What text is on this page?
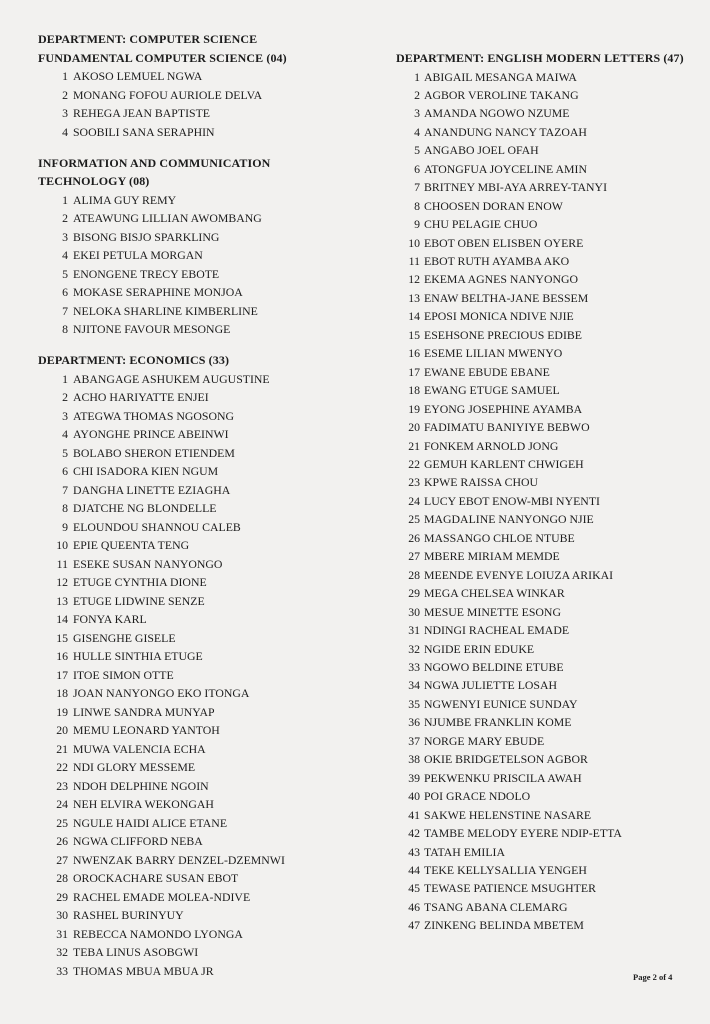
DEPARTMENT: COMPUTER SCIENCE
FUNDAMENTAL COMPUTER SCIENCE (04)
1 AKOSO LEMUEL NGWA
2 MONANG FOFOU AURIOLE DELVA
3 REHEGA JEAN BAPTISTE
4 SOOBILI SANA SERAPHIN
INFORMATION AND COMMUNICATION
TECHNOLOGY (08)
1 ALIMA GUY REMY
2 ATEAWUNG LILLIAN AWOMBANG
3 BISONG BISJO SPARKLING
4 EKEI PETULA MORGAN
5 ENONGENE TRECY EBOTE
6 MOKASE SERAPHINE MONJOA
7 NELOKA SHARLINE KIMBERLINE
8 NJITONE FAVOUR MESONGE
DEPARTMENT: ECONOMICS (33)
1 ABANGAGE ASHUKEM AUGUSTINE
2 ACHO HARIYATTE ENJEI
3 ATEGWA THOMAS NGOSONG
4 AYONGHE PRINCE ABEINWI
5 BOLABO SHERON ETIENDEM
6 CHI ISADORA KIEN NGUM
7 DANGHA LINETTE EZIAGHA
8 DJATCHE NG BLONDELLE
9 ELOUNDOU SHANNOU CALEB
10 EPIE QUEENTA TENG
11 ESEKE SUSAN NANYONGO
12 ETUGE CYNTHIA DIONE
13 ETUGE LIDWINE SENZE
14 FONYA KARL
15 GISENGHE GISELE
16 HULLE SINTHIA ETUGE
17 ITOE SIMON OTTE
18 JOAN NANYONGO EKO ITONGA
19 LINWE SANDRA MUNYAP
20 MEMU LEONARD YANTOH
21 MUWA VALENCIA ECHA
22 NDI GLORY MESSEME
23 NDOH DELPHINE NGOIN
24 NEH ELVIRA WEKONGAH
25 NGULE HAIDI ALICE ETANE
26 NGWA CLIFFORD NEBA
27 NWENZAK BARRY DENZEL-DZEMNWI
28 OROCKACHARE SUSAN EBOT
29 RACHEL EMADE MOLEA-NDIVE
30 RASHEL BURINYUY
31 REBECCA NAMONDO LYONGA
32 TEBA LINUS ASOBGWI
33 THOMAS MBUA MBUA JR
DEPARTMENT: ENGLISH MODERN LETTERS (47)
1 ABIGAIL MESANGA MAIWA
2 AGBOR VEROLINE TAKANG
3 AMANDA NGOWO NZUME
4 ANANDUNG NANCY TAZOAH
5 ANGABO JOEL OFAH
6 ATONGFUA JOYCELINE AMIN
7 BRITNEY MBI-AYA ARREY-TANYI
8 CHOOSEN DORAN ENOW
9 CHU PELAGIE CHUO
10 EBOT OBEN ELISBEN OYERE
11 EBOT RUTH AYAMBA AKO
12 EKEMA AGNES NANYONGO
13 ENAW BELTHA-JANE BESSEM
14 EPOSI MONICA NDIVE NJIE
15 ESEHSONE PRECIOUS EDIBE
16 ESEME LILIAN MWENYO
17 EWANE EBUDE EBANE
18 EWANG ETUGE SAMUEL
19 EYONG JOSEPHINE AYAMBA
20 FADIMATU BANIYIYE BEBWO
21 FONKEM ARNOLD JONG
22 GEMUH KARLENT CHWIGEH
23 KPWE RAISSA CHOU
24 LUCY EBOT ENOW-MBI NYENTI
25 MAGDALINE NANYONGO NJIE
26 MASSANGO CHLOE NTUBE
27 MBERE MIRIAM MEMDE
28 MEENDE EVENYE LOIUZA ARIKAI
29 MEGA CHELSEA WINKAR
30 MESUE MINETTE ESONG
31 NDINGI RACHEAL EMADE
32 NGIDE ERIN EDUKE
33 NGOWO BELDINE ETUBE
34 NGWA JULIETTE LOSAH
35 NGWENYI EUNICE SUNDAY
36 NJUMBE FRANKLIN KOME
37 NORGE MARY EBUDE
38 OKIE BRIDGETELSON AGBOR
39 PEKWENKU PRISCILA AWAH
40 POI GRACE NDOLO
41 SAKWE HELENSTINE NASARE
42 TAMBE MELODY EYERE NDIP-ETTA
43 TATAH EMILIA
44 TEKE KELLYSALLIA YENGEH
45 TEWASE PATIENCE MSUGHTER
46 TSANG ABANA CLEMARG
47 ZINKENG BELINDA MBETEM
Page 2 of 4
